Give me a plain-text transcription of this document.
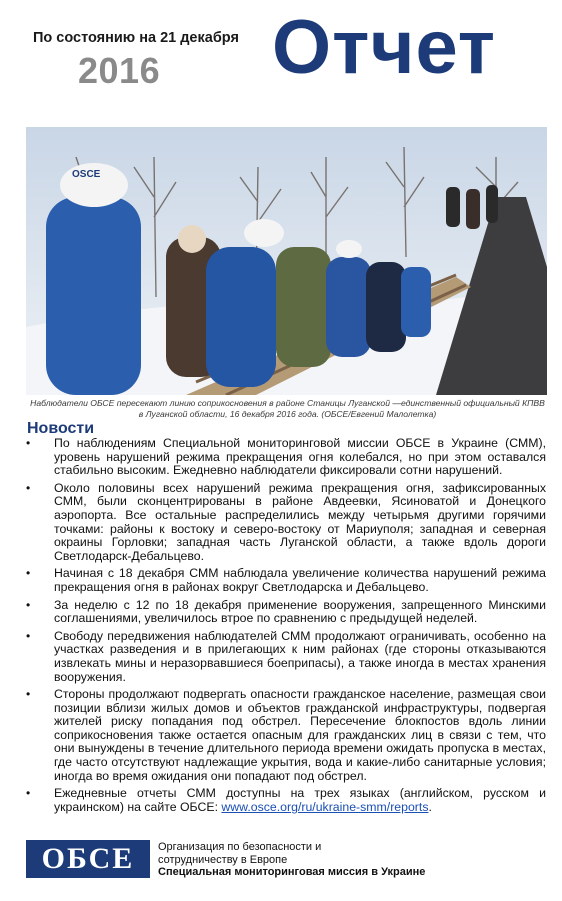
По состоянию на 21 декабря
2016 Отчет
OSCE
Наблюдатели ОБСЕ пересекают линию соприкосновения в районе Станицы Луганской —единственный официальный КПВВ в Луганской области, 16 декабря 2016 года. (ОБСЕ/Евгений Малолетка)
Новости
• По наблюдениям Специальной мониторинговой миссии ОБСЕ в Украине (СММ), уровень нарушений режима прекращения огня колебался, но при этом оставался стабильно высоким. Ежедневно наблюдатели фиксировали сотни нарушений.
• Около половины всех нарушений режима прекращения огня, зафиксированных СММ, были сконцентрированы в районе Авдеевки, Ясиноватой и Донецкого аэропорта. Все остальные распределились между четырьмя другими горячими точками: районы к востоку и северо-востоку от Мариуполя; западная и северная окраины Горловки; западная часть Луганской области, а также вдоль дороги Светлодарск-Дебальцево.
• Начиная с 18 декабря СММ наблюдала увеличение количества нарушений режима прекращения огня в районах вокруг Светлодарска и Дебальцево.
• За неделю с 12 по 18 декабря применение вооружения, запрещенного Минскими соглашениями, увеличилось втрое по сравнению с предыдущей неделей.
• Свободу передвижения наблюдателей СММ продолжают ограничивать, особенно на участках разведения и в прилегающих к ним районах (где стороны отказываются извлекать мины и неразорвавшиеся боеприпасы), а также иногда в местах хранения вооружения.
• Стороны продолжают подвергать опасности гражданское население, размещая свои позиции вблизи жилых домов и объектов гражданской инфраструктуры, подвергая жителей риску попадания под обстрел. Пересечение блокпостов вдоль линии соприкосновения также остается опасным для гражданских лиц в связи с тем, что они вынуждены в течение длительного периода времени ожидать пропуска в местах, где часто отсутствуют надлежащие укрытия, вода и какие-либо санитарные условия; иногда во время ожидания они попадают под обстрел.
• Ежедневные отчеты СММ доступны на трех языках (английском, русском и украинском) на сайте ОБСЕ: www.osce.org/ru/ukraine-smm/reports.
ОБСЕ Организация по безопасности и
сотрудничеству в Европе
Специальная мониторинговая миссия в Украине
